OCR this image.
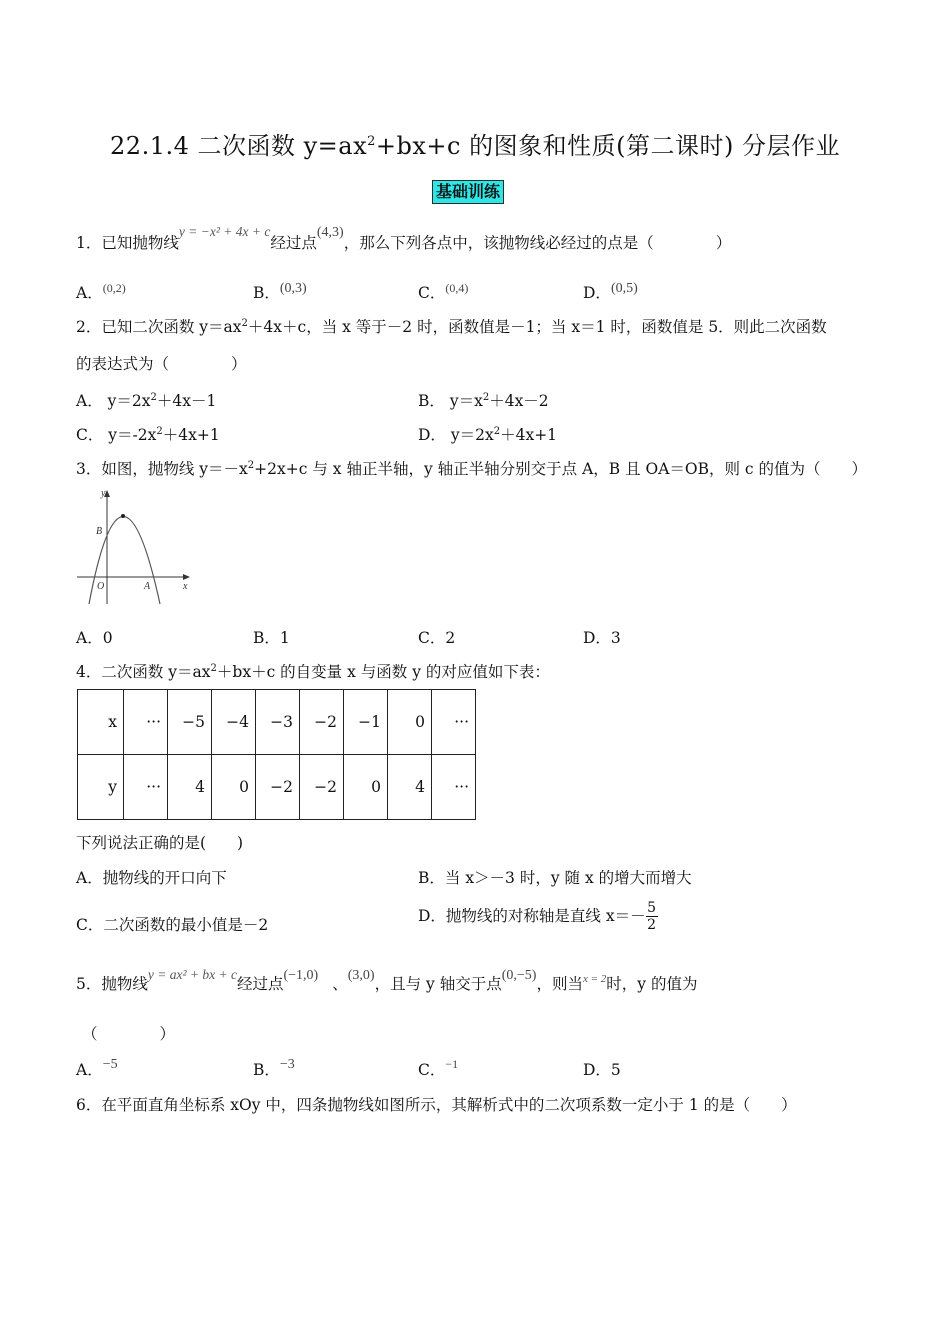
22.1.4 二次函数 $y=ax^2+bx+c$ 的图象和性质(第二课时) 分层作业
基础训练
1．已知抛物线y = −x² + 4x + c经过点(4,3)，那么下列各点中，该抛物线必经过的点是（　　　　）
A．$^{(0,2)}$	B．(0,3)	C．$^{(0,4)}$	D．(0,5)
2．已知二次函数 $y=ax^2+4x+c$，当 x 等于－2 时，函数值是－1；当 x＝1 时，函数值是 5．则此二次函数
的表达式为（　　　　）
A． $y=2x^2+4x-1$	B． $y=x^2+4x-2$
C． $y=-2x^2+4x+1$	D． $y=2x^2+4x+1$
3．如图，抛物线 $y=-x^2+2x+c$ 与 x 轴正半轴，y 轴正半轴分别交于点 A，B 且 OA＝OB，则 c 的值为（　　）
y
x
B
O	A
A．0	B．1	C．2	D．3
4．二次函数 $y=ax^2+bx+c$ 的自变量 x 与函数 y 的对应值如下表：
x	···	−5	−4	−3	−2	−1	0	···
y	···	4	0	−2	−2	0	4	···
下列说法正确的是(　　)
A．抛物线的开口向下	B．当 x＞－3 时，y 随 x 的增大而增大
C．二次函数的最小值是－2
D．抛物线的对称轴是直线 $x=- \frac{5}{2}$
5．抛物线y = ax² + bx + c经过点(−1,0) 、(3,0)，且与 y 轴交于点(0,−5)，则当$^{x = 2}$时，y 的值为
（　　　　）
A．−5	B．−3	C．$^{-1}$	D．5
6．在平面直角坐标系 xOy 中，四条抛物线如图所示，其解析式中的二次项系数一定小于 1 的是（　　）
